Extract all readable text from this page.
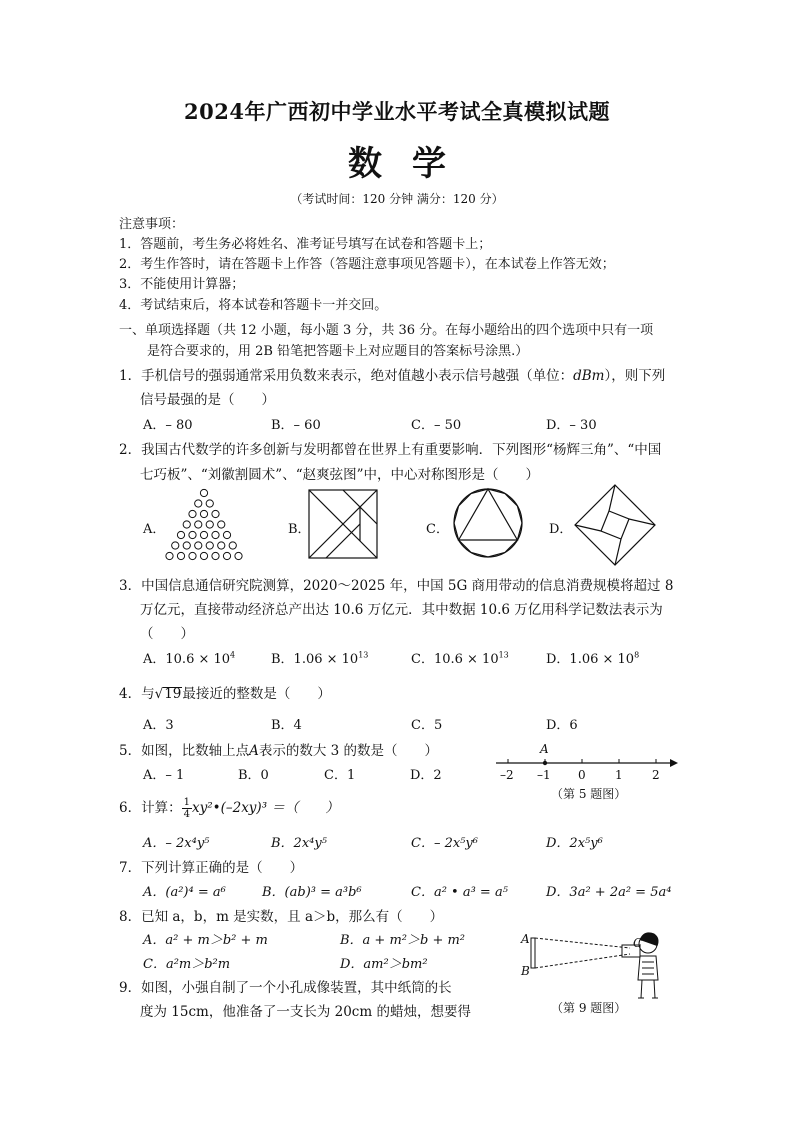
2024年广西初中学业水平考试全真模拟试题
数学
（考试时间：120 分钟 满分：120 分）
注意事项：
1．答题前，考生务必将姓名、准考证号填写在试卷和答题卡上；
2．考生作答时，请在答题卡上作答（答题注意事项见答题卡），在本试卷上作答无效；
3．不能使用计算器；
4．考试结束后，将本试卷和答题卡一并交回。
一、单项选择题（共 12 小题，每小题 3 分，共 36 分。在每小题给出的四个选项中只有一项
是符合要求的，用 2B 铅笔把答题卡上对应题目的答案标号涂黑.）
1．手机信号的强弱通常采用负数来表示，绝对值越小表示信号越强（单位：dBm），则下列
信号最强的是（　　）
A．– 80	B．– 60	C．– 50	D．– 30
2．我国古代数学的许多创新与发明都曾在世界上有重要影响．下列图形“杨辉三角”、“中国
七巧板”、“刘徽割圆术”、“赵爽弦图”中，中心对称图形是（　　）
A．	B．	C．	D．
3．中国信息通信研究院测算，2020～2025 年，中国 5G 商用带动的信息消费规模将超过 8
万亿元，直接带动经济总产出达 10.6 万亿元．其中数据 10.6 万亿用科学记数法表示为
（　　）
A．$10.6 \times 10^4$	B．$1.06 \times 10^{13}$	C．$10.6 \times 10^{13}$	D．$1.06 \times 10^8$
4．与√19最接近的整数是（　　）
A．3	B．4	C．5	D．6
5．如图，比数轴上点A表示的数大 3 的数是（　　）
A．– 1	B．0	C．1	D．2
A
–2 –1 0 1 2
（第 5 题图）
6．计算： $\frac{1}{4}$ xy²•(–2xy)³ ＝（　　）
A．– 2x⁴y⁵	B．2x⁴y⁵	C．– 2x⁵y⁶	D．2x⁵y⁶
7．下列计算正确的是（　　）
A．(a²)⁴ = a⁶	B．(ab)³ = a³b⁶	C．a² • a³ = a⁵	D．3a² + 2a² = 5a⁴
8．已知 a，b，m 是实数，且 a＞b，那么有（　　）
A．a² + m＞b² + m	B．a + m²＞b + m²
C．a²m＞b²m	D．am²＞bm²
9．如图，小强自制了一个小孔成像装置，其中纸筒的长
度为 15cm，他准备了一支长为 20cm 的蜡烛，想要得
A
B
C
（第 9 题图）
